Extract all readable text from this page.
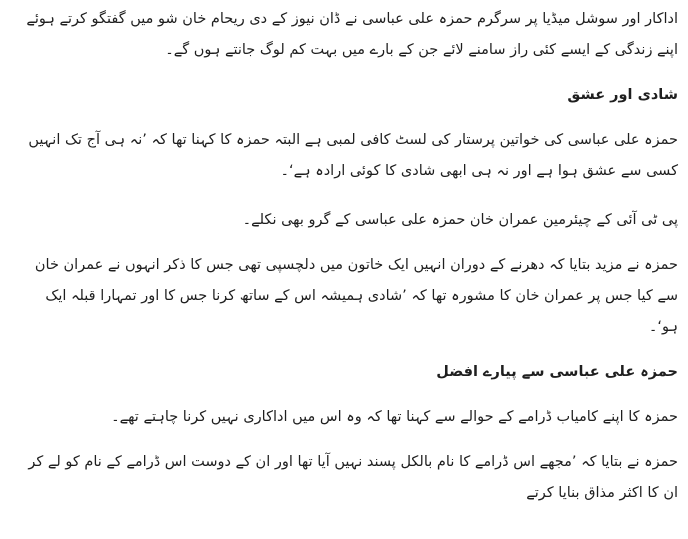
اداکار اور سوشل میڈیا پر سرگرم حمزہ علی عباسی نے ڈان نیوز کے دی ریحام خان شو میں گفتگو کرتے ہوئے اپنے زندگی کے ایسے کئی راز سامنے لائے جن کے بارے میں بہت کم لوگ جانتے ہوں گے۔

شادی اور عشق

حمزہ علی عباسی کی خواتین پرستار کی لسٹ کافی لمبی ہے البتہ حمزہ کا کہنا تھا کہ ’نہ ہی آج تک انہیں کسی سے عشق ہوا ہے اور نہ ہی ابھی شادی کا کوئی ارادہ ہے‘۔

پی ٹی آئی کے چیئرمین عمران خان حمزہ علی عباسی کے گرو بھی نکلے۔

حمزہ نے مزید بتایا کہ دھرنے کے دوران انہیں ایک خاتون میں دلچسپی تھی جس کا ذکر انہوں نے عمران خان سے کیا جس پر عمران خان کا مشورہ تھا کہ ’شادی ہمیشہ اس کے ساتھ کرنا جس کا اور تمہارا قبلہ ایک ہو‘۔

حمزہ علی عباسی سے پیارے افضل

حمزہ کا اپنے کامیاب ڈرامے کے حوالے سے کہنا تھا کہ وہ اس میں اداکاری نہیں کرنا چاہتے تھے۔

حمزہ نے بتایا کہ ’مجھے اس ڈرامے کا نام بالکل پسند نہیں آیا تھا اور ان کے دوست اس ڈرامے کے نام کو لے کر ان کا اکثر مذاق بنایا کرتے
